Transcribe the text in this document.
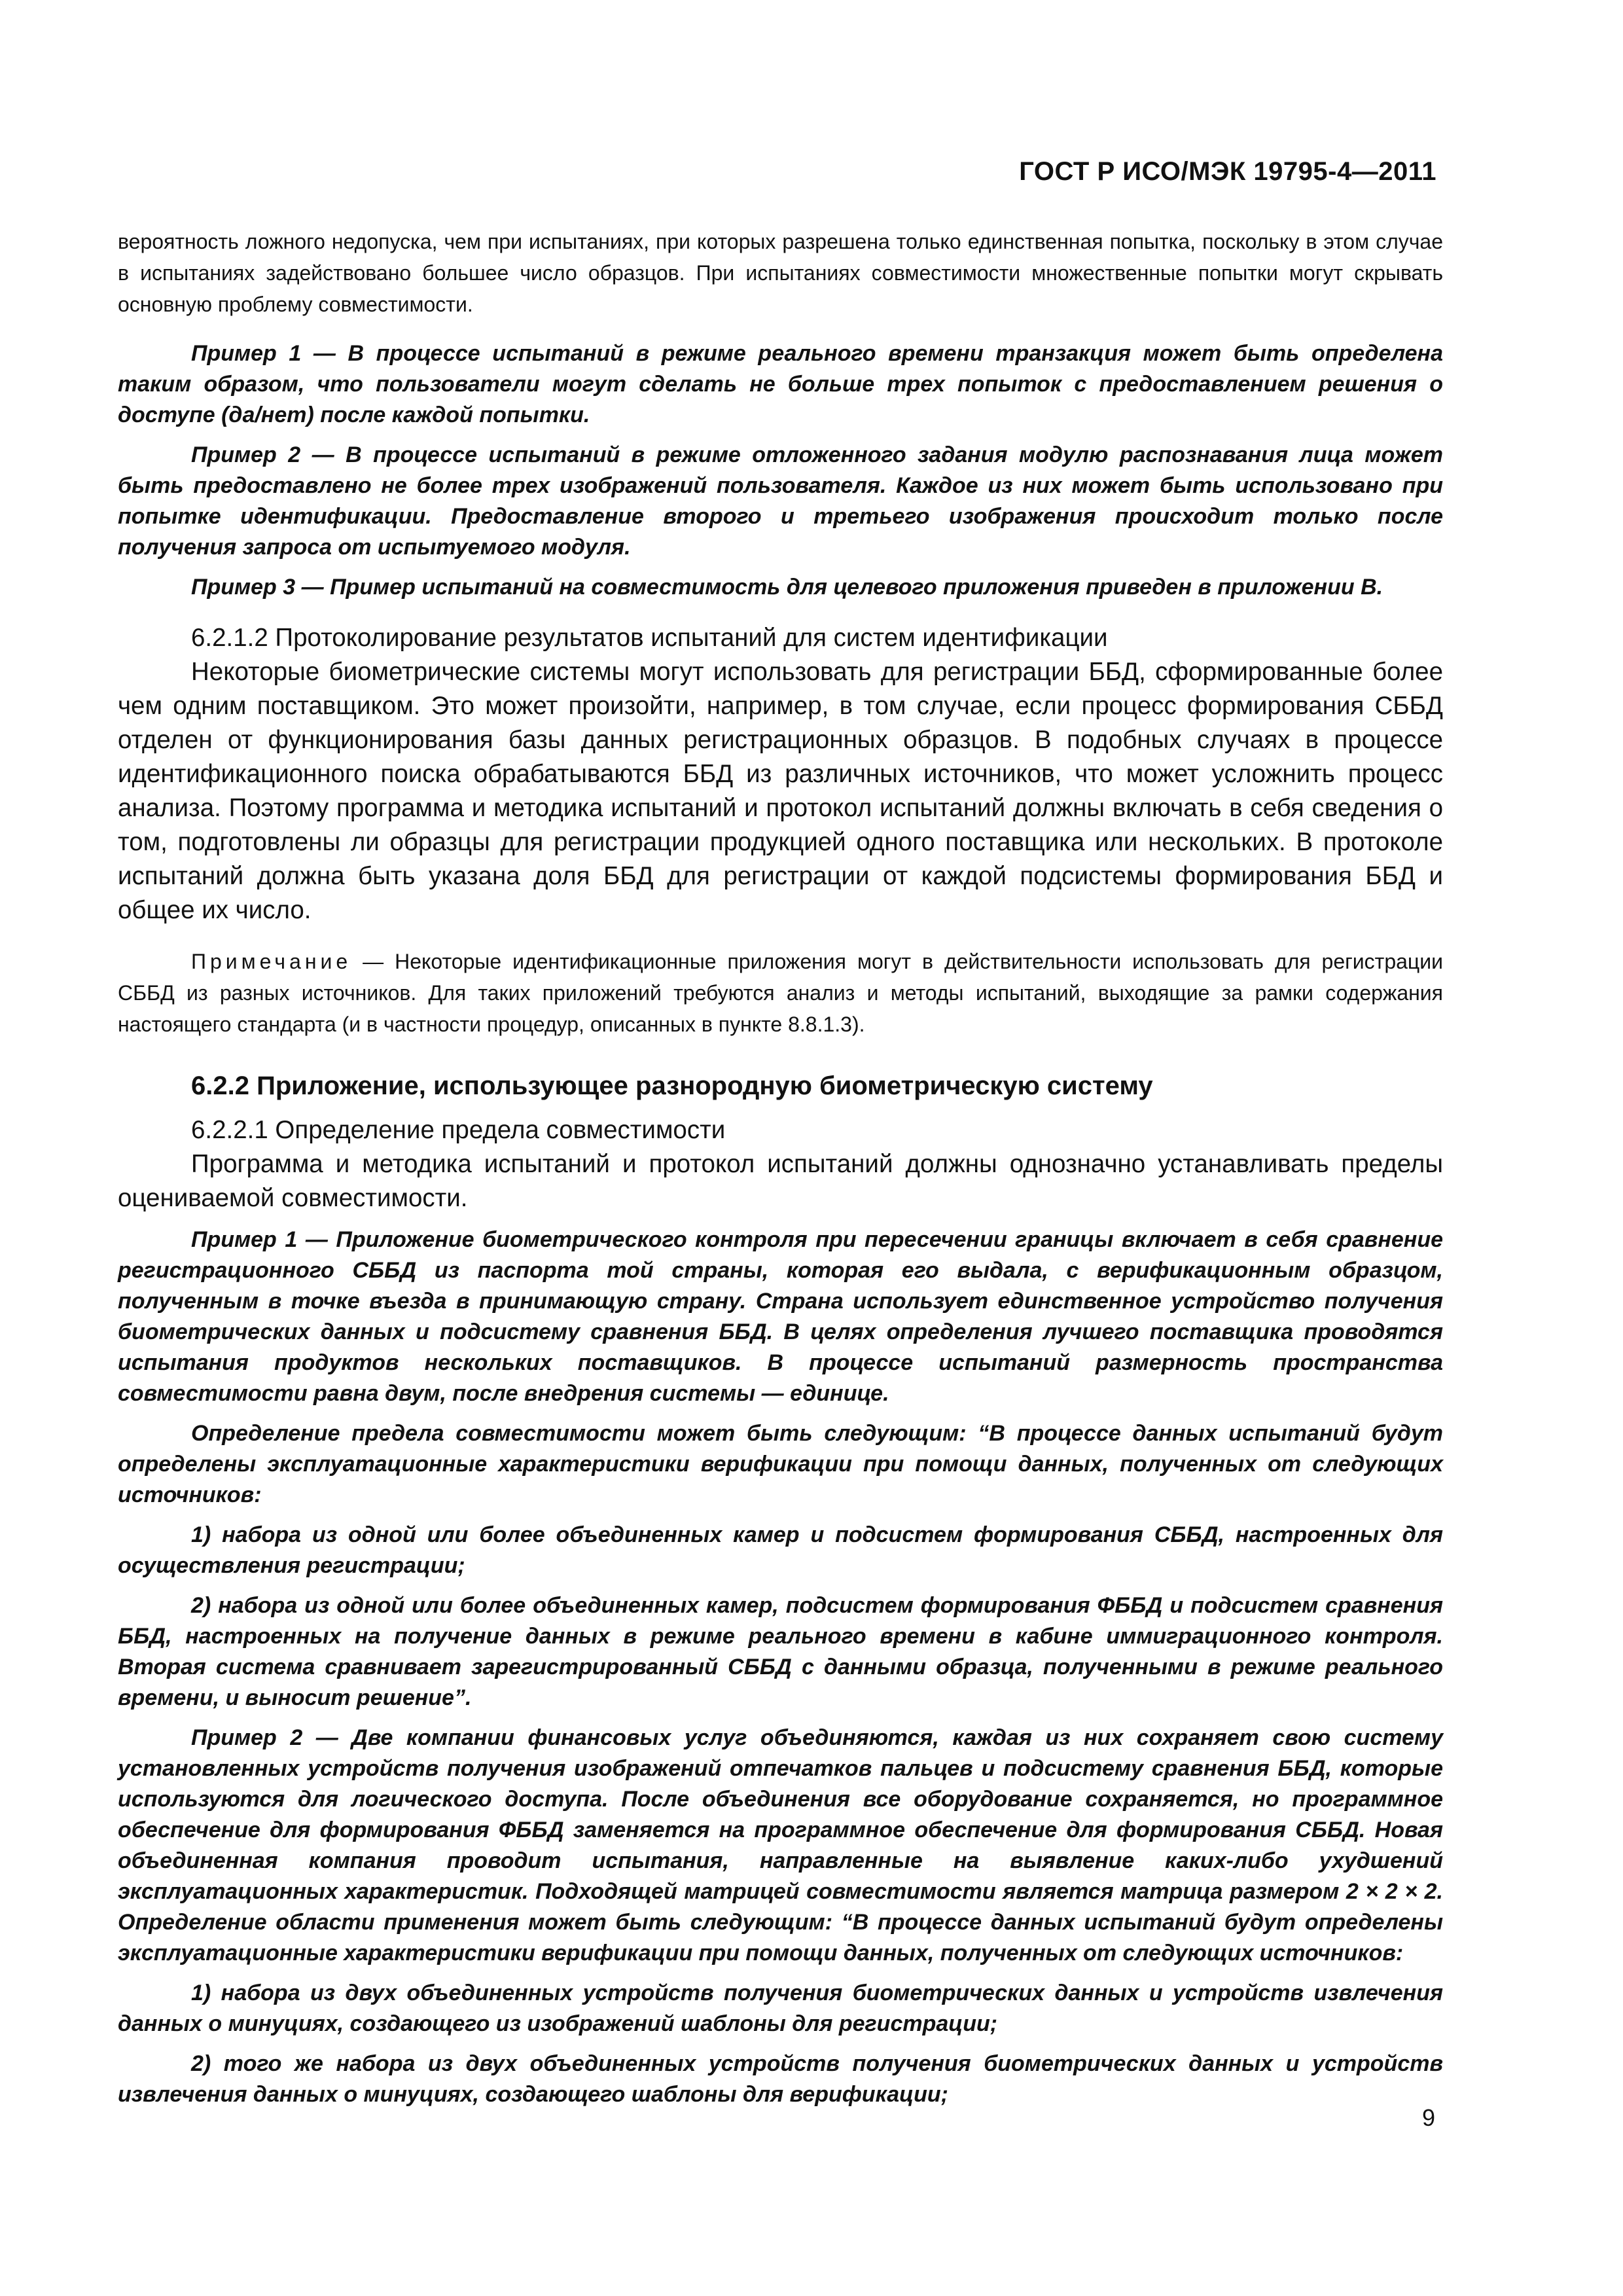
ГОСТ Р ИСО/МЭК 19795-4—2011

вероятность ложного недопуска, чем при испытаниях, при которых разрешена только единственная попытка, поскольку в этом случае в испытаниях задействовано большее число образцов. При испытаниях совместимости множественные попытки могут скрывать основную проблему совместимости.

Пример 1 — В процессе испытаний в режиме реального времени транзакция может быть определена таким образом, что пользователи могут сделать не больше трех попыток с предоставлением решения о доступе (да/нет) после каждой попытки.

Пример 2 — В процессе испытаний в режиме отложенного задания модулю распознавания лица может быть предоставлено не более трех изображений пользователя. Каждое из них может быть использовано при попытке идентификации. Предоставление второго и третьего изображения происходит только после получения запроса от испытуемого модуля.

Пример 3 — Пример испытаний на совместимость для целевого приложения приведен в приложении В.

6.2.1.2 Протоколирование результатов испытаний для систем идентификации

Некоторые биометрические системы могут использовать для регистрации ББД, сформированные более чем одним поставщиком. Это может произойти, например, в том случае, если процесс формирования СББД отделен от функционирования базы данных регистрационных образцов. В подобных случаях в процессе идентификационного поиска обрабатываются ББД из различных источников, что может усложнить процесс анализа. Поэтому программа и методика испытаний и протокол испытаний должны включать в себя сведения о том, подготовлены ли образцы для регистрации продукцией одного поставщика или нескольких. В протоколе испытаний должна быть указана доля ББД для регистрации от каждой подсистемы формирования ББД и общее их число.

Примечание — Некоторые идентификационные приложения могут в действительности использовать для регистрации СББД из разных источников. Для таких приложений требуются анализ и методы испытаний, выходящие за рамки содержания настоящего стандарта (и в частности процедур, описанных в пункте 8.8.1.3).

6.2.2 Приложение, использующее разнородную биометрическую систему

6.2.2.1 Определение предела совместимости

Программа и методика испытаний и протокол испытаний должны однозначно устанавливать пределы оцениваемой совместимости.

Пример 1 — Приложение биометрического контроля при пересечении границы включает в себя сравнение регистрационного СББД из паспорта той страны, которая его выдала, с верификационным образцом, полученным в точке въезда в принимающую страну. Страна использует единственное устройство получения биометрических данных и подсистему сравнения ББД. В целях определения лучшего поставщика проводятся испытания продуктов нескольких поставщиков. В процессе испытаний размерность пространства совместимости равна двум, после внедрения системы — единице.

Определение предела совместимости может быть следующим: “В процессе данных испытаний будут определены эксплуатационные характеристики верификации при помощи данных, полученных от следующих источников:

1) набора из одной или более объединенных камер и подсистем формирования СББД, настроенных для осуществления регистрации;

2) набора из одной или более объединенных камер, подсистем формирования ФББД и подсистем сравнения ББД, настроенных на получение данных в режиме реального времени в кабине иммиграционного контроля. Вторая система сравнивает зарегистрированный СББД с данными образца, полученными в режиме реального времени, и выносит решение”.

Пример 2 — Две компании финансовых услуг объединяются, каждая из них сохраняет свою систему установленных устройств получения изображений отпечатков пальцев и подсистему сравнения ББД, которые используются для логического доступа. После объединения все оборудование сохраняется, но программное обеспечение для формирования ФББД заменяется на программное обеспечение для формирования СББД. Новая объединенная компания проводит испытания, направленные на выявление каких-либо ухудшений эксплуатационных характеристик. Подходящей матрицей совместимости является матрица размером 2 × 2 × 2. Определение области применения может быть следующим: “В процессе данных испытаний будут определены эксплуатационные характеристики верификации при помощи данных, полученных от следующих источников:

1) набора из двух объединенных устройств получения биометрических данных и устройств извлечения данных о минуциях, создающего из изображений шаблоны для регистрации;

2) того же набора из двух объединенных устройств получения биометрических данных и устройств извлечения данных о минуциях, создающего шаблоны для верификации;

9
